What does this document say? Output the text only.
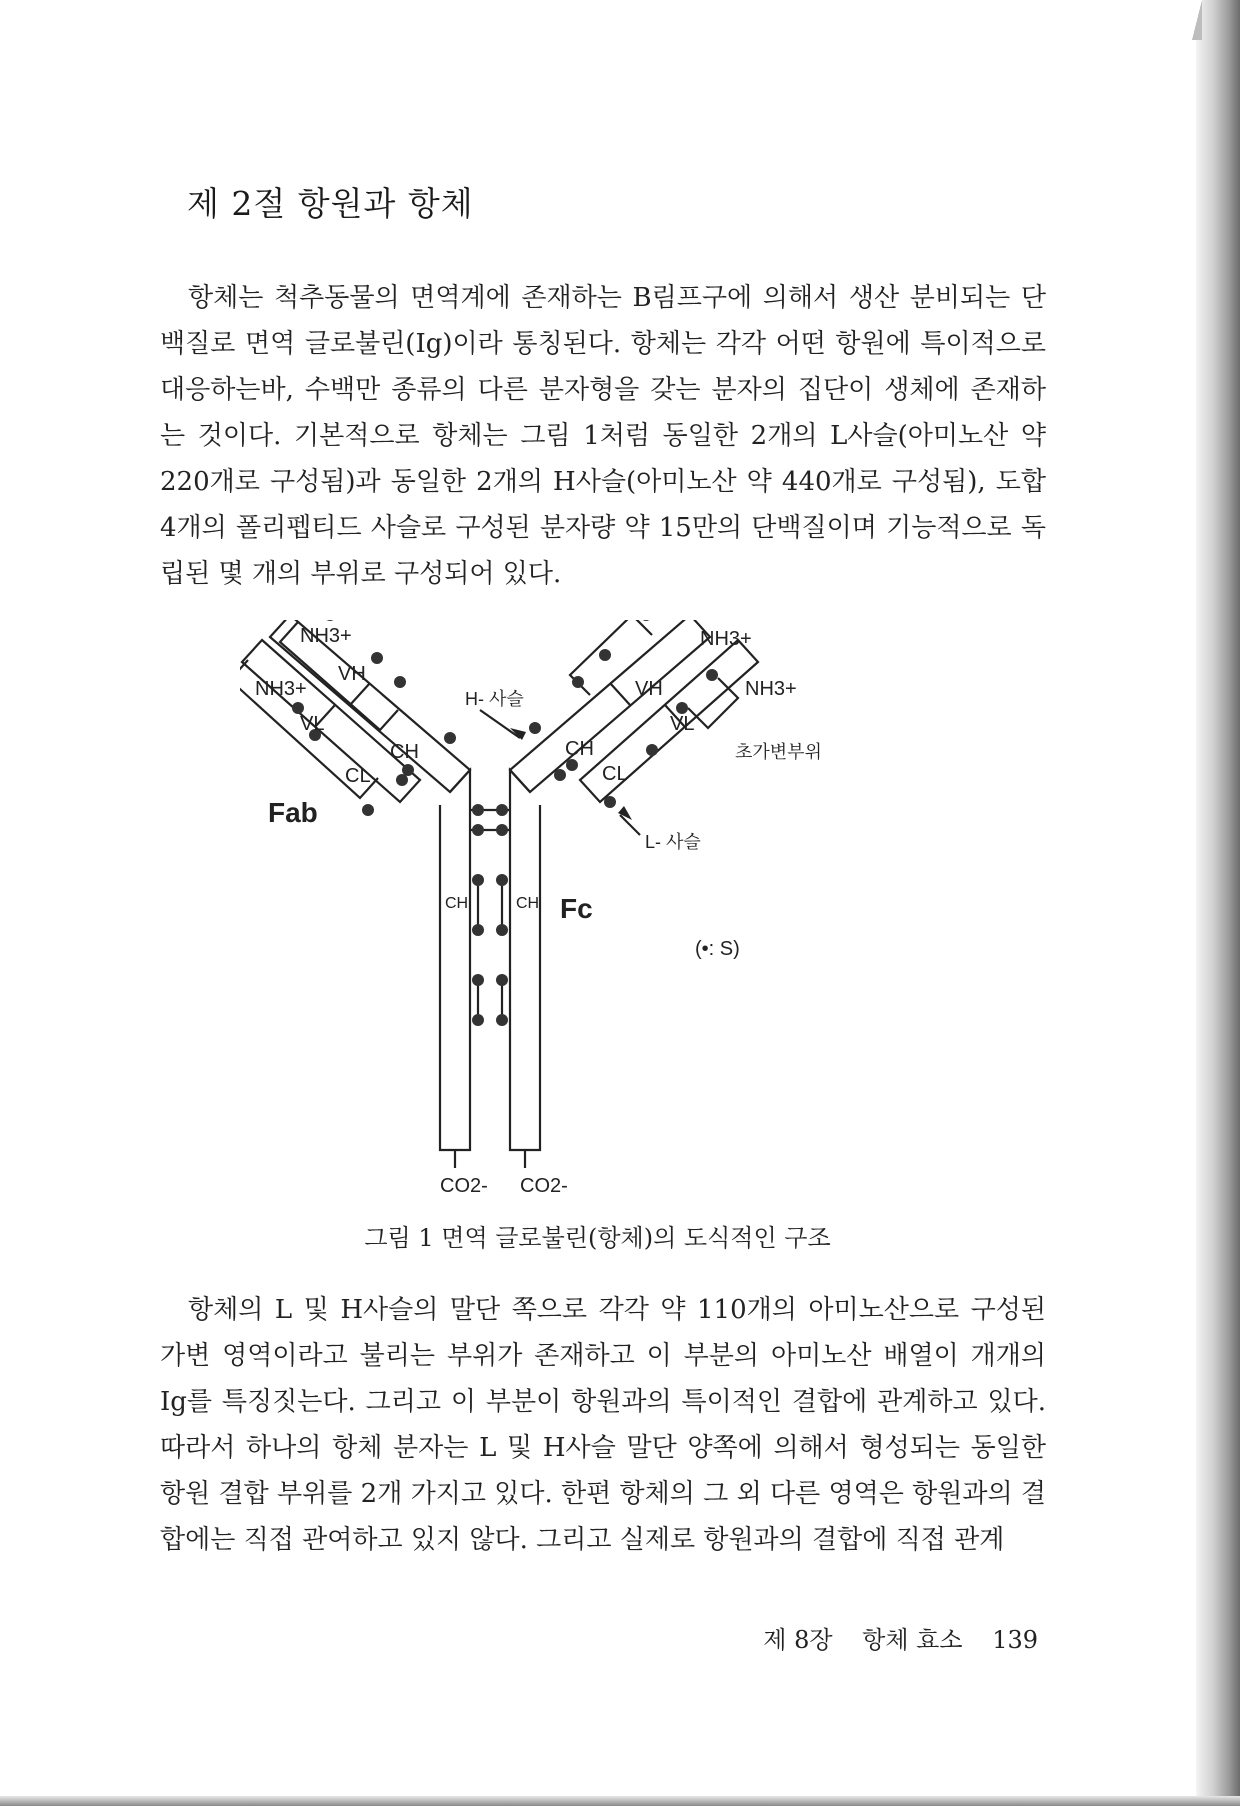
제 2절 항원과 항체

항체는 척추동물의 면역계에 존재하는 B림프구에 의해서 생산 분비되는 단백질로 면역 글로불린(Ig)이라 통칭된다. 항체는 각각 어떤 항원에 특이적으로 대응하는바, 수백만 종류의 다른 분자형을 갖는 분자의 집단이 생체에 존재하는 것이다. 기본적으로 항체는 그림 1처럼 동일한 2개의 L사슬(아미노산 약 220개로 구성됨)과 동일한 2개의 H사슬(아미노산 약 440개로 구성됨), 도합 4개의 폴리펩티드 사슬로 구성된 분자량 약 15만의 단백질이며 기능적으로 독립된 몇 개의 부위로 구성되어 있다.

NH3+
NH3+
VH
VL
CH
CL
Fab
H- 사슬
NH3+
NH3+
VH
VL
CH
CL
초가변부위
L- 사슬
CH	CH Fc
(•: S)
CO2- CO2-
그림 1 면역 글로불린(항체)의 도식적인 구조

항체의 L 및 H사슬의 말단 쪽으로 각각 약 110개의 아미노산으로 구성된 가변 영역이라고 불리는 부위가 존재하고 이 부분의 아미노산 배열이 개개의 Ig를 특징짓는다. 그리고 이 부분이 항원과의 특이적인 결합에 관계하고 있다. 따라서 하나의 항체 분자는 L 및 H사슬 말단 양쪽에 의해서 형성되는 동일한 항원 결합 부위를 2개 가지고 있다. 한편 항체의 그 외 다른 영역은 항원과의 결합에는 직접 관여하고 있지 않다. 그리고 실제로 항원과의 결합에 직접 관계

제 8장 항체 효소 139
